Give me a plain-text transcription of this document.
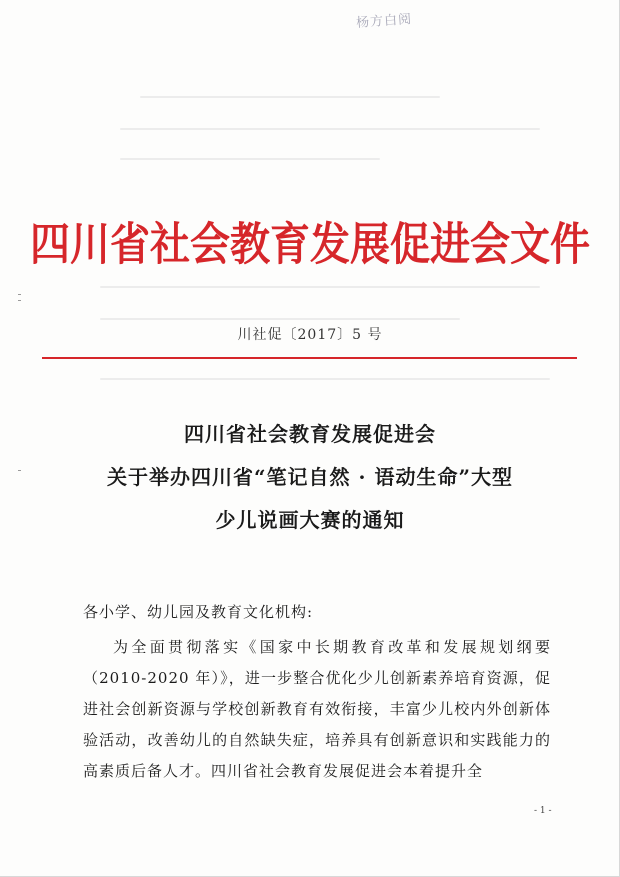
杨方白阅
四川省社会教育发展促进会文件
川社促〔2017〕5 号
四川省社会教育发展促进会
关于举办四川省“笔记自然 · 语动生命”大型
少儿说画大赛的通知
各小学、幼儿园及教育文化机构:

为全面贯彻落实《国家中长期教育改革和发展规划纲要（2010-2020 年）》，进一步整合优化少儿创新素养培育资源，促进社会创新资源与学校创新教育有效衔接，丰富少儿校内外创新体验活动，改善幼儿的自然缺失症，培养具有创新意识和实践能力的高素质后备人才。四川省社会教育发展促进会本着提升全

- 1 -
